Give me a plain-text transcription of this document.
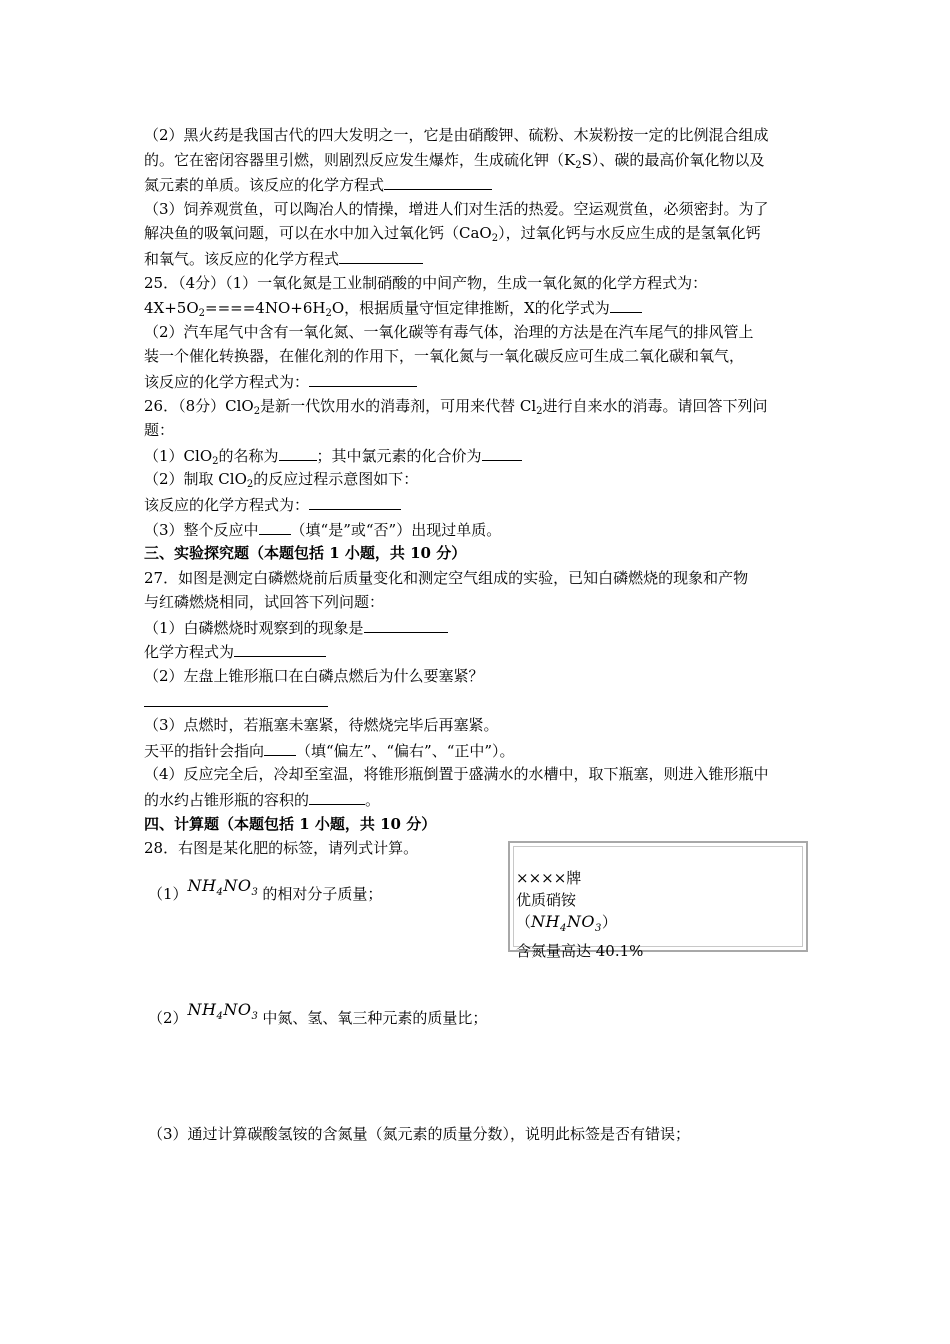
（2）黑火药是我国古代的四大发明之一，它是由硝酸钾、硫粉、木炭粉按一定的比例混合组成
的。它在密闭容器里引燃，则剧烈反应发生爆炸，生成硫化钾$(K_2S)$、碳的最高价氧化物以及
氮元素的单质。该反应的化学方程式
（3）饲养观赏鱼，可以陶冶人的情操，增进人们对生活的热爱。空运观赏鱼，必须密封。为了
解决鱼的吸氧问题，可以在水中加入过氧化钙（CaO$_2$），过氧化钙与水反应生成的是氢氧化钙
和氧气。该反应的化学方程式
25．（4分）（1）一氧化氮是工业制硝酸的中间产物，生成一氧化氮的化学方程式为：
$4X+5O_2====4NO+6H_2O$，根据质量守恒定律推断，X的化学式为
（2）汽车尾气中含有一氧化氮、一氧化碳等有毒气体，治理的方法是在汽车尾气的排风管上
装一个催化转换器，在催化剂的作用下，一氧化氮与一氧化碳反应可生成二氧化碳和氧气，
该反应的化学方程式为：
26．（8分）ClO$_2$是新一代饮用水的消毒剂，可用来代替 $Cl_2$进行自来水的消毒。请回答下列问
题：
（1）ClO$_2$的名称为	；其中氯元素的化合价为
（2）制取 ClO$_2$的反应过程示意图如下：
该反应的化学方程式为：
（3）整个反应中 （填“是”或“否”）出现过单质。
三、实验探究题（本题包括 1 小题，共 10 分）
27．如图是测定白磷燃烧前后质量变化和测定空气组成的实验，已知白磷燃烧的现象和产物
与红磷燃烧相同，试回答下列问题：
（1）白磷燃烧时观察到的现象是
化学方程式为
（2）左盘上锥形瓶口在白磷点燃后为什么要塞紧？
（3）点燃时，若瓶塞未塞紧，待燃烧完毕后再塞紧。
天平的指针会指向 （填“偏左”、“偏右”、“正中”）。
（4）反应完全后，冷却至室温，将锥形瓶倒置于盛满水的水槽中，取下瓶塞，则进入锥形瓶中
的水约占锥形瓶的容积的	。
四、计算题（本题包括 1 小题，共 10 分）
28．右图是某化肥的标签，请列式计算。
$(1)NH_4NO_3$ 的相对分子质量；
$(2)NH_4NO_3$ 中氮、氢、氧三种元素的质量比；
（3）通过计算碳酸氢铵的含氮量（氮元素的质量分数），说明此标签是否有错误；
××××牌
优质硝铵
$(NH_4NO_3)$
含氮量高达 40.1%
